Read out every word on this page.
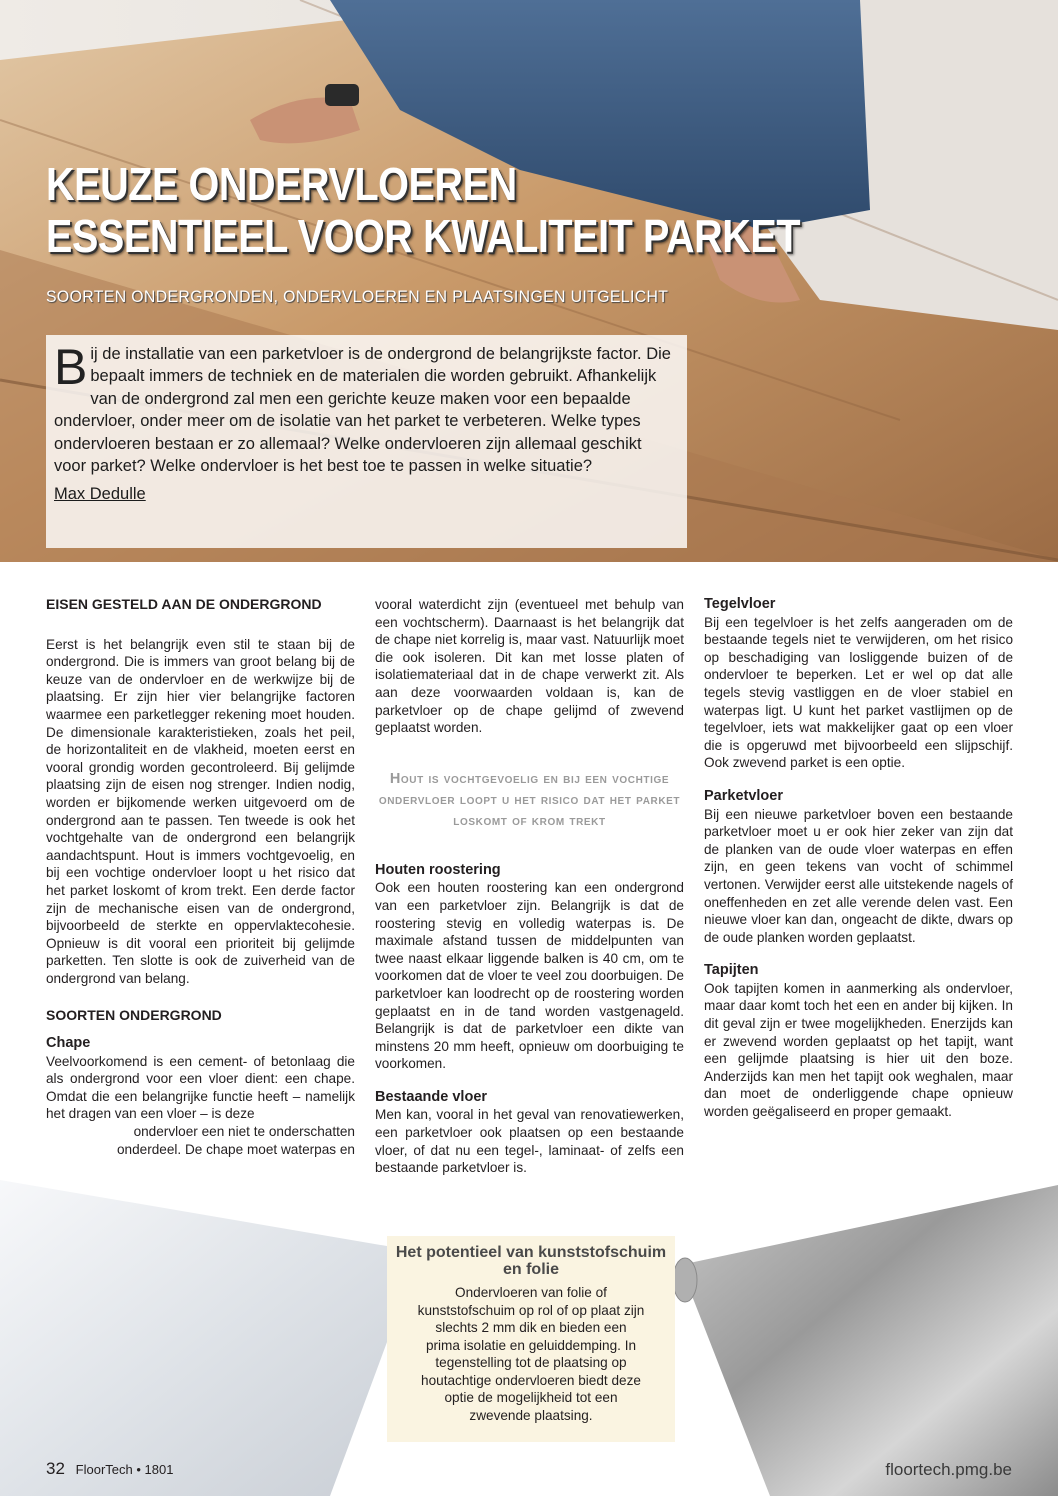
KEUZE ONDERVLOEREN
ESSENTIEEL VOOR KWALITEIT PARKET
SOORTEN ONDERGRONDEN, ONDERVLOEREN EN PLAATSINGEN UITGELICHT

Bij de installatie van een parketvloer is de ondergrond de belangrijkste factor. Die bepaalt immers de techniek en de materialen die worden gebruikt. Afhankelijk van de ondergrond zal men een gerichte keuze maken voor een bepaalde ondervloer, onder meer om de isolatie van het parket te verbeteren. Welke types ondervloeren bestaan er zo allemaal? Welke ondervloeren zijn allemaal geschikt voor parket? Welke ondervloer is het best toe te passen in welke situatie?

Max Dedulle
EISEN GESTELD AAN DE ONDERGROND

Eerst is het belangrijk even stil te staan bij de ondergrond. Die is immers van groot belang bij de keuze van de ondervloer en de werkwijze bij de plaatsing. Er zijn hier vier belangrijke factoren waarmee een parketlegger rekening moet houden. De dimensionale karakteristieken, zoals het peil, de horizontaliteit en de vlakheid, moeten eerst en vooral grondig worden gecontroleerd. Bij gelijmde plaatsing zijn de eisen nog strenger. Indien nodig, worden er bijkomende werken uitgevoerd om de ondergrond aan te passen. Ten tweede is ook het vochtgehalte van de ondergrond een belangrijk aandachtspunt. Hout is immers vochtgevoelig, en bij een vochtige ondervloer loopt u het risico dat het parket loskomt of krom trekt. Een derde factor zijn de mechanische eisen van de ondergrond, bijvoorbeeld de sterkte en oppervlaktecohesie. Opnieuw is dit vooral een prioriteit bij gelijmde parketten. Ten slotte is ook de zuiverheid van de ondergrond van belang.

SOORTEN ONDERGROND
Chape

Veelvoorkomend is een cement- of betonlaag die als ondergrond voor een vloer dient: een chape. Omdat die een belangrijke functie heeft – namelijk het dragen van een vloer – is deze

ondervloer een niet te onderschatten onderdeel. De chape moet waterpas en

vooral waterdicht zijn (eventueel met behulp van een vochtscherm). Daarnaast is het belangrijk dat de chape niet korrelig is, maar vast. Natuurlijk moet die ook isoleren. Dit kan met losse platen of isolatiemateriaal dat in de chape verwerkt zit. Als aan deze voorwaarden voldaan is, kan de parketvloer op de chape gelijmd of zwevend geplaatst worden.

Hout is vochtgevoelig en bij een vochtige ondervloer loopt u het risico dat het parket loskomt of krom trekt
Houten roostering

Ook een houten roostering kan een ondergrond van een parketvloer zijn. Belangrijk is dat de roostering stevig en volledig waterpas is. De maximale afstand tussen de middelpunten van twee naast elkaar liggende balken is 40 cm, om te voorkomen dat de vloer te veel zou doorbuigen. De parketvloer kan loodrecht op de roostering worden geplaatst en in de tand worden vastgenageld. Belangrijk is dat de parketvloer een dikte van minstens 20 mm heeft, opnieuw om doorbuiging te voorkomen.

Bestaande vloer

Men kan, vooral in het geval van renovatiewerken, een parketvloer ook plaatsen op een bestaande vloer, of dat nu een tegel-, laminaat- of zelfs een bestaande parketvloer is.

Tegelvloer

Bij een tegelvloer is het zelfs aangeraden om de bestaande tegels niet te verwijderen, om het risico op beschadiging van losliggende buizen of de ondervloer te beperken. Let er wel op dat alle tegels stevig vastliggen en de vloer stabiel en waterpas ligt. U kunt het parket vastlijmen op de tegelvloer, iets wat makkelijker gaat op een vloer die is opgeruwd met bijvoorbeeld een slijpschijf. Ook zwevend parket is een optie.

Parketvloer

Bij een nieuwe parketvloer boven een bestaande parketvloer moet u er ook hier zeker van zijn dat de planken van de oude vloer waterpas en effen zijn, en geen tekens van vocht of schimmel vertonen. Verwijder eerst alle uitstekende nagels of oneffenheden en zet alle verende delen vast. Een nieuwe vloer kan dan, ongeacht de dikte, dwars op de oude planken worden geplaatst.

Tapijten

Ook tapijten komen in aanmerking als ondervloer, maar daar komt toch het een en ander bij kijken. In dit geval zijn er twee mogelijkheden. Enerzijds kan er zwevend worden geplaatst op het tapijt, want een gelijmde plaatsing is hier uit den boze. Anderzijds kan men het tapijt ook weghalen, maar dan moet de onderliggende chape opnieuw worden geëgaliseerd en proper gemaakt.

Het potentieel van kunststofschuim en folie

Ondervloeren van folie of kunststofschuim op rol of op plaat zijn slechts 2 mm dik en bieden een prima isolatie en geluiddemping. In tegenstelling tot de plaatsing op houtachtige ondervloeren biedt deze optie de mogelijkheid tot een zwevende plaatsing.

32 FloorTech • 1801	floortech.pmg.be
